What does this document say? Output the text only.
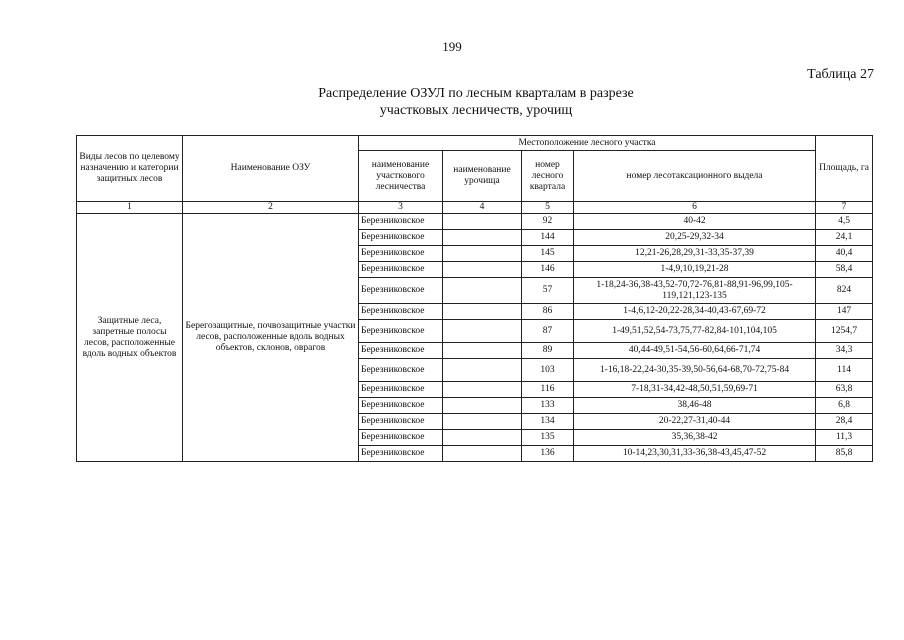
199
Таблица 27
Распределение ОЗУЛ по лесным кварталам в разрезе
участковых лесничеств, урочищ
Виды лесов по целевому назначению и категории защитных лесов	Наименование ОЗУ	Местоположение лесного участка				Площадь, га
		наименование участкового лесничества	наименование урочища	номер лесного квартала	номер лесотаксационного выдела	
1	2	3	4	5	6	7
Защитные леса, запретные полосы лесов, расположенные вдоль водных объектов	Берегозащитные, почвозащитные участки лесов, расположенные вдоль водных объектов, склонов, оврагов	Березниковское		92	40-42	4,5
		Березниковское		144	20,25-29,32-34	24,1
		Березниковское		145	12,21-26,28,29,31-33,35-37,39	40,4
		Березниковское		146	1-4,9,10,19,21-28	58,4
		Березниковское		57	1-18,24-36,38-43,52-70,72-76,81-88,91-96,99,105-119,121,123-135	824
		Березниковское		86	1-4,6,12-20,22-28,34-40,43-67,69-72	147
		Березниковское		87	1-49,51,52,54-73,75,77-82,84-101,104,105	1254,7
		Березниковское		89	40,44-49,51-54,56-60,64,66-71,74	34,3
		Березниковское		103	1-16,18-22,24-30,35-39,50-56,64-68,70-72,75-84	114
		Березниковское		116	7-18,31-34,42-48,50,51,59,69-71	63,8
		Березниковское		133	38,46-48	6,8
		Березниковское		134	20-22,27-31,40-44	28,4
		Березниковское		135	35,36,38-42	11,3
		Березниковское		136	10-14,23,30,31,33-36,38-43,45,47-52	85,8
